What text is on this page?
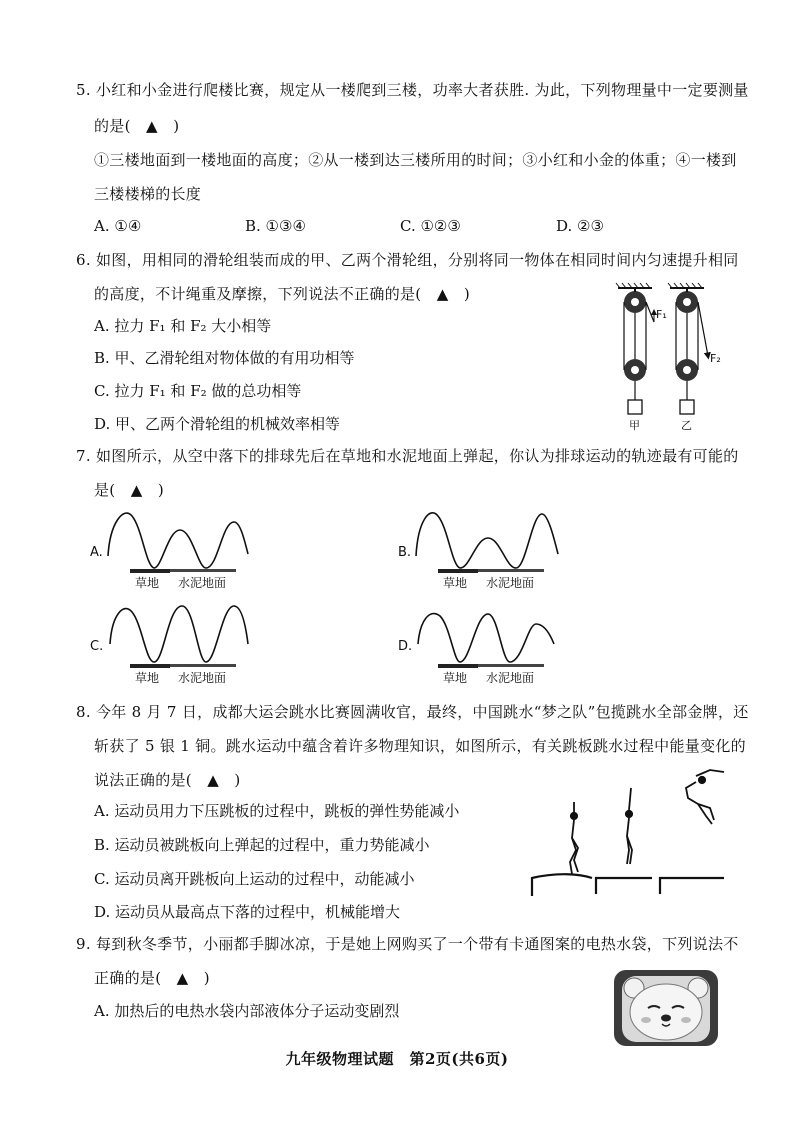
5. 小红和小金进行爬楼比赛，规定从一楼爬到三楼，功率大者获胜. 为此，下列物理量中一定要测量
的是(　▲　)
①三楼地面到一楼地面的高度；②从一楼到达三楼所用的时间；③小红和小金的体重；④一楼到
三楼楼梯的长度
A. ①④	B. ①③④	C. ①②③	D. ②③
6. 如图，用相同的滑轮组装而成的甲、乙两个滑轮组，分别将同一物体在相同时间内匀速提升相同
的高度，不计绳重及摩擦，下列说法不正确的是(　▲　)
A. 拉力 F₁ 和 F₂ 大小相等
B. 甲、乙滑轮组对物体做的有用功相等
C. 拉力 F₁ 和 F₂ 做的总功相等
D. 甲、乙两个滑轮组的机械效率相等
F₁
F₂
甲	乙
7. 如图所示，从空中落下的排球先后在草地和水泥地面上弹起，你认为排球运动的轨迹最有可能的
是(　▲　)
A.
草地 水泥地面
B.
草地 水泥地面
C.
草地 水泥地面
D.
草地 水泥地面
8. 今年 8 月 7 日，成都大运会跳水比赛圆满收官，最终，中国跳水“梦之队”包揽跳水全部金牌，还
斩获了 5 银 1 铜。跳水运动中蕴含着许多物理知识，如图所示，有关跳板跳水过程中能量变化的
说法正确的是(　▲　)
A. 运动员用力下压跳板的过程中，跳板的弹性势能减小
B. 运动员被跳板向上弹起的过程中，重力势能减小
C. 运动员离开跳板向上运动的过程中，动能减小
D. 运动员从最高点下落的过程中，机械能增大
9. 每到秋冬季节，小丽都手脚冰凉，于是她上网购买了一个带有卡通图案的电热水袋，下列说法不
正确的是(　▲　)
A. 加热后的电热水袋内部液体分子运动变剧烈
九年级物理试题　第2页(共6页)
